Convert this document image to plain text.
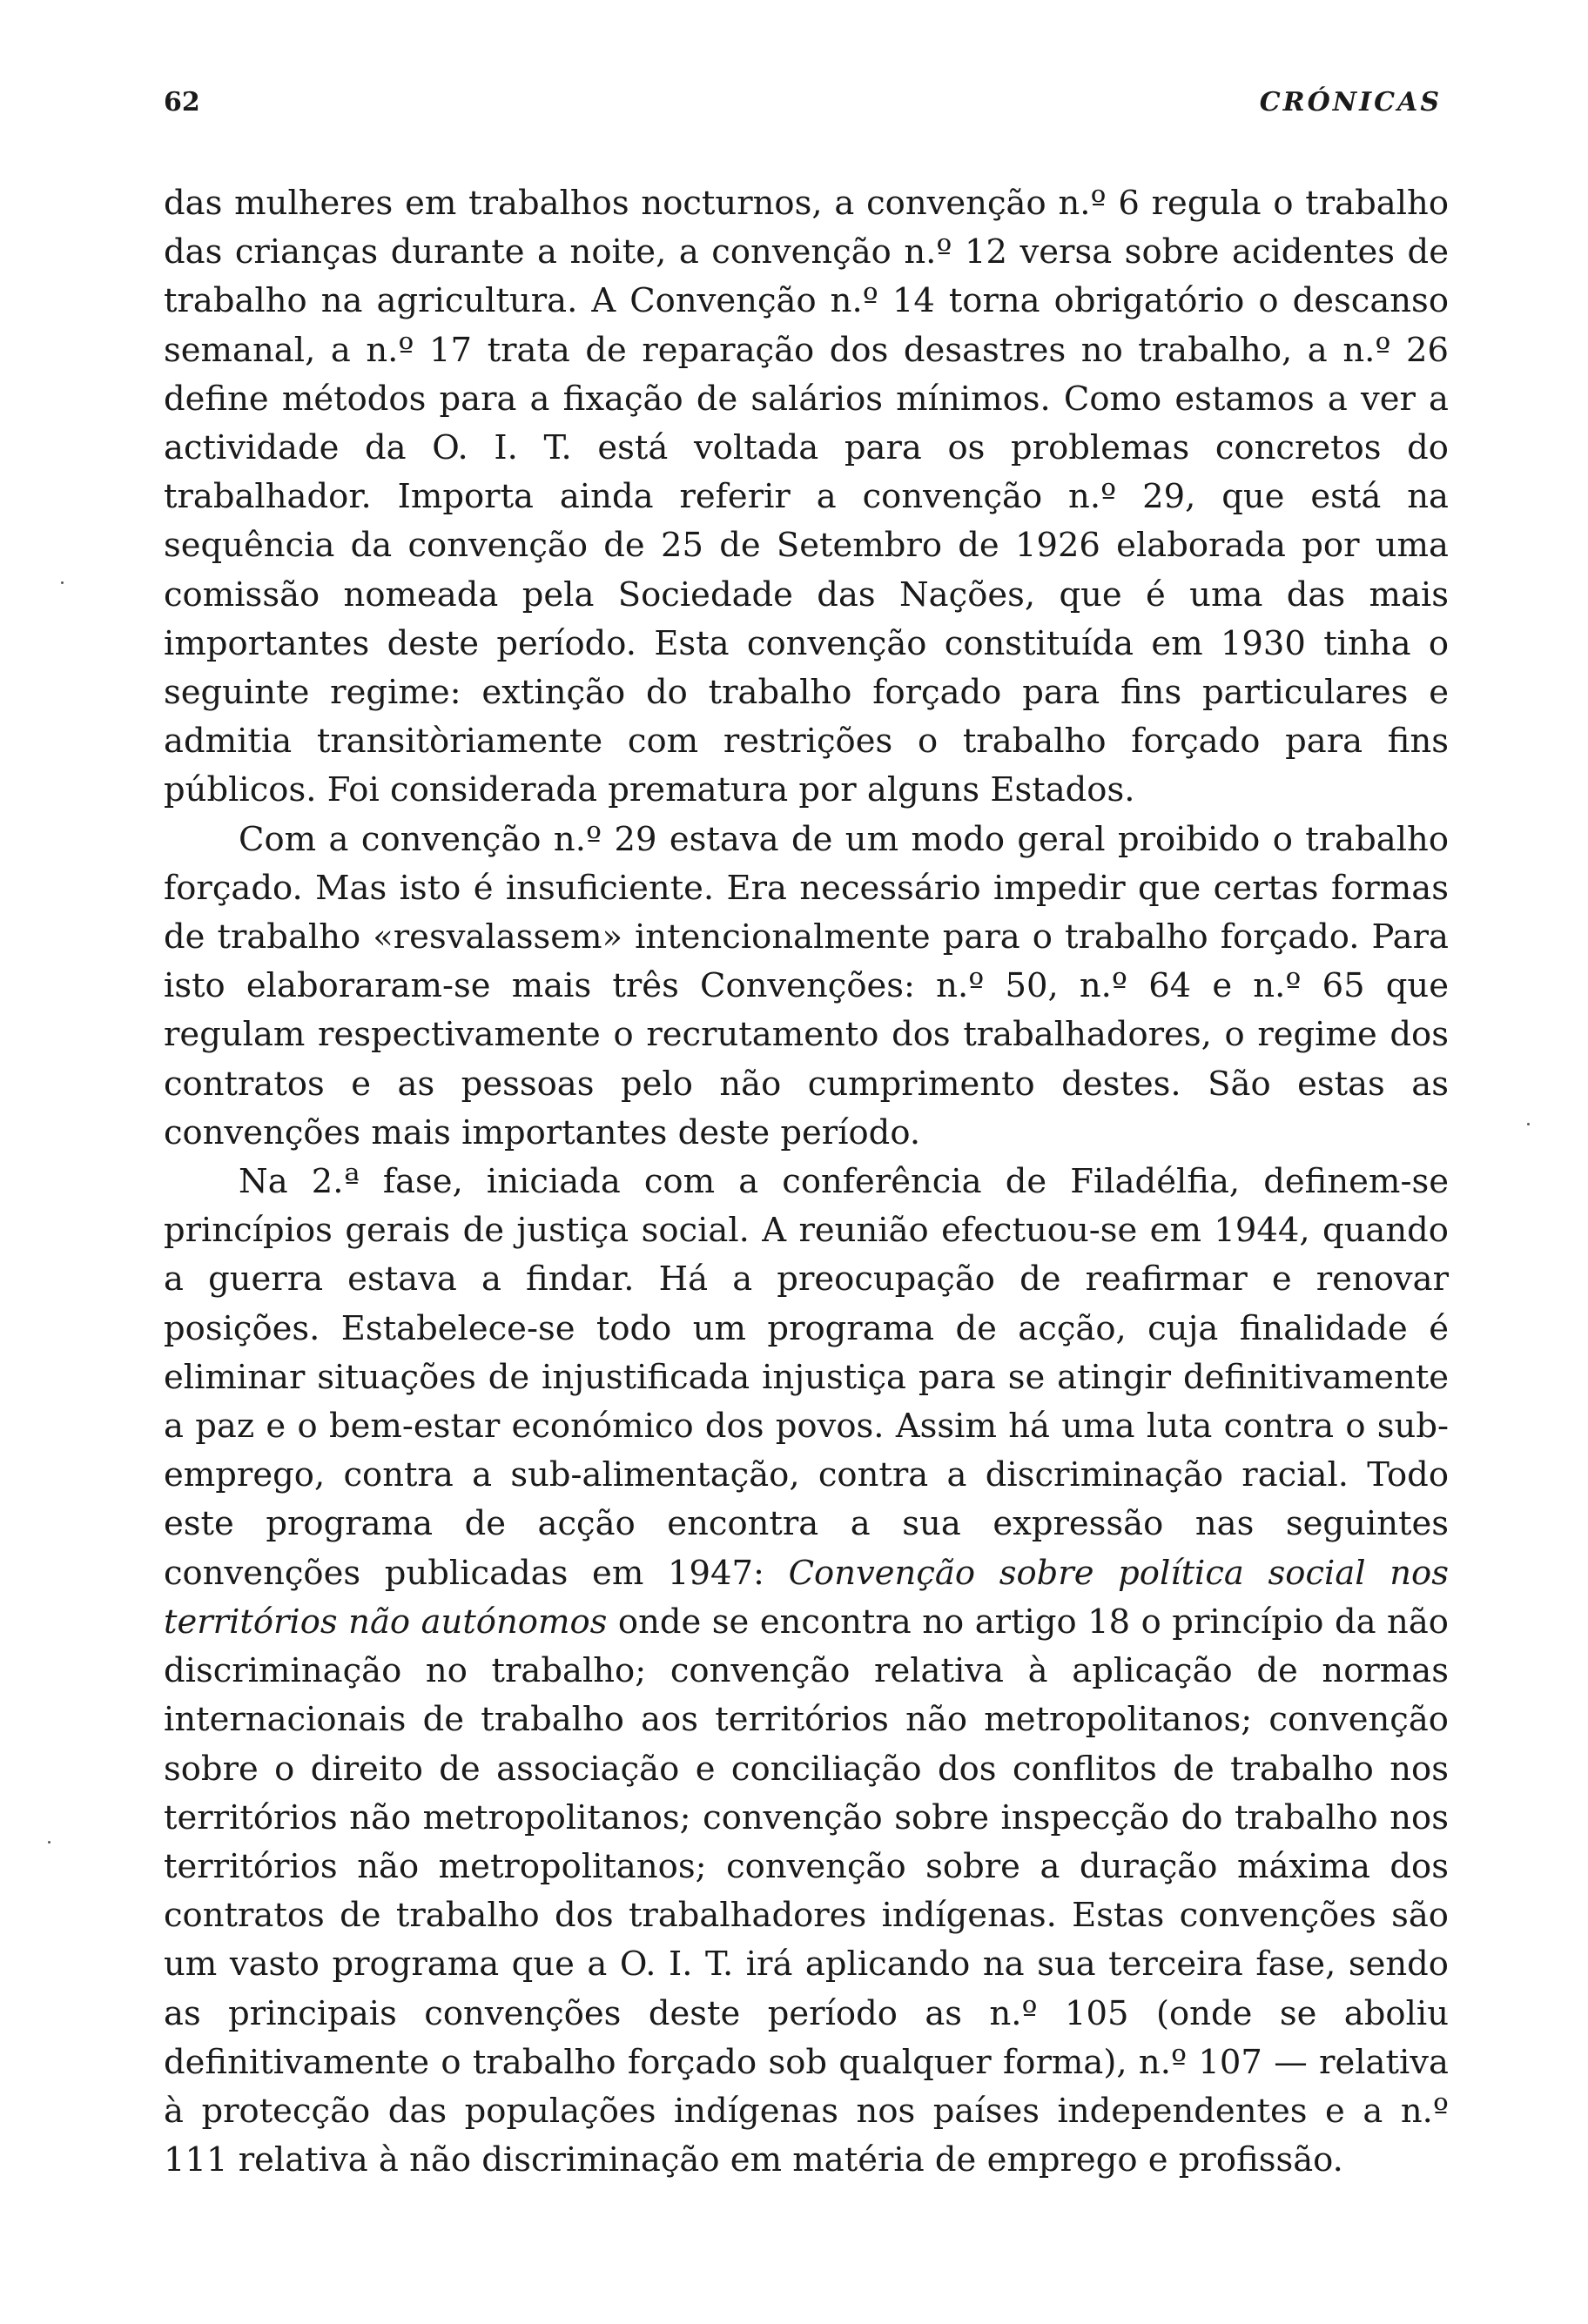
62	CRÓNICAS

das mulheres em trabalhos nocturnos, a convenção n.º 6 regula o trabalho das crianças durante a noite, a convenção n.º 12 versa sobre acidentes de trabalho na agricultura. A Convenção n.º 14 torna obrigatório o descanso semanal, a n.º 17 trata de reparação dos desastres no trabalho, a n.º 26 define métodos para a fixação de salários mínimos. Como estamos a ver a actividade da O. I. T. está voltada para os problemas concretos do trabalhador. Importa ainda referir a convenção n.º 29, que está na sequência da convenção de 25 de Setembro de 1926 elaborada por uma comissão nomeada pela Sociedade das Nações, que é uma das mais importantes deste período. Esta convenção constituída em 1930 tinha o seguinte regime: extinção do trabalho forçado para fins particulares e admitia transitòriamente com restrições o trabalho forçado para fins públicos. Foi considerada prematura por alguns Estados.

Com a convenção n.º 29 estava de um modo geral proibido o trabalho forçado. Mas isto é insuficiente. Era necessário impedir que certas formas de trabalho «resvalassem» intencionalmente para o trabalho forçado. Para isto elaboraram-se mais três Convenções: n.º 50, n.º 64 e n.º 65 que regulam respectivamente o recrutamento dos trabalhadores, o regime dos contratos e as pessoas pelo não cumprimento destes. São estas as convenções mais importantes deste período.

Na 2.ª fase, iniciada com a conferência de Filadélfia, definem-se princípios gerais de justiça social. A reunião efectuou-se em 1944, quando a guerra estava a findar. Há a preocupação de reafirmar e renovar posições. Estabelece-se todo um programa de acção, cuja finalidade é eliminar situações de injustificada injustiça para se atingir definitivamente a paz e o bem-estar económico dos povos. Assim há uma luta contra o sub-emprego, contra a sub-alimentação, contra a discriminação racial. Todo este programa de acção encontra a sua expressão nas seguintes convenções publicadas em 1947: Convenção sobre política social nos territórios não autónomos onde se encontra no artigo 18 o princípio da não discriminação no trabalho; convenção relativa à aplicação de normas internacionais de trabalho aos territórios não metropolitanos; convenção sobre o direito de associação e conciliação dos conflitos de trabalho nos territórios não metropolitanos; convenção sobre inspecção do trabalho nos territórios não metropolitanos; convenção sobre a duração máxima dos contratos de trabalho dos trabalhadores indígenas. Estas convenções são um vasto programa que a O. I. T. irá aplicando na sua terceira fase, sendo as principais convenções deste período as n.º 105 (onde se aboliu definitivamente o trabalho forçado sob qualquer forma), n.º 107 — relativa à protecção das populações indígenas nos países independentes e a n.º 111 relativa à não discriminação em matéria de emprego e profissão.
